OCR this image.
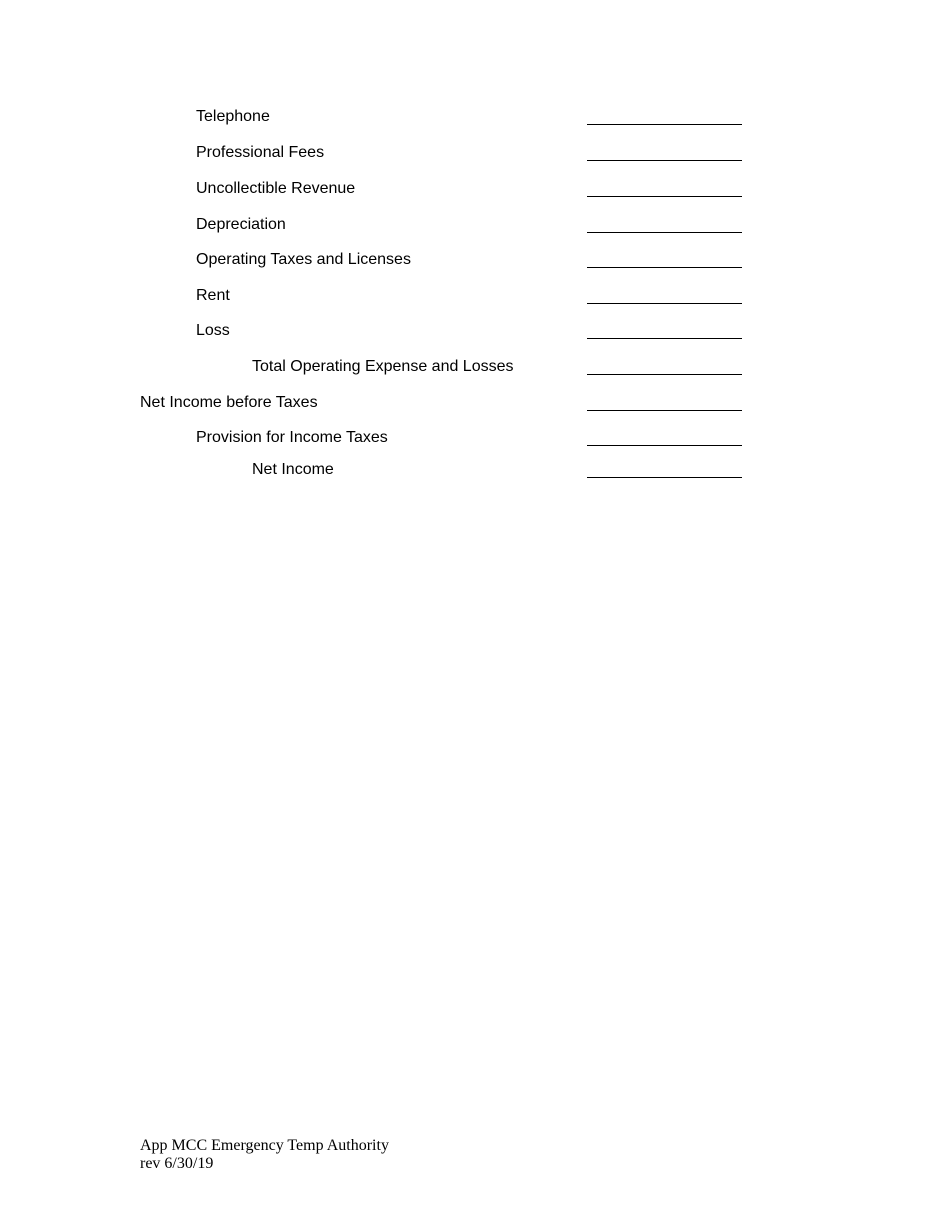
Telephone
Professional Fees
Uncollectible Revenue
Depreciation
Operating Taxes and Licenses
Rent
Loss
Total Operating Expense and Losses
Net Income before Taxes
Provision for Income Taxes
Net Income
App MCC Emergency Temp Authority
rev 6/30/19
